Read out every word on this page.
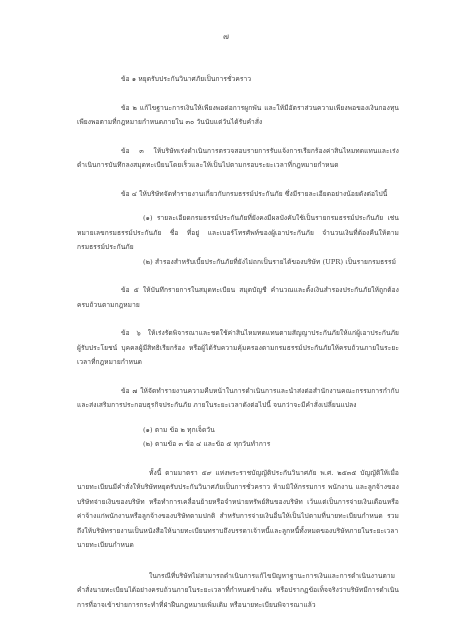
๗

ข้อ ๑ หยุดรับประกันวินาศภัยเป็นการชั่วคราว

ข้อ ๒ แก้ไขฐานะการเงินให้เพียงพอต่อการผูกพัน และให้มีอัตราส่วนความเพียงพอของเงินกองทุนเพียงพอตามที่กฎหมายกำหนดภายใน ๓๐ วันนับแต่วันได้รับคำสั่ง

ข้อ ๓ ให้บริษัทเร่งดำเนินการตรวจสอบรายการรับแจ้งการเรียกร้องค่าสินไหมทดแทนและเร่งดำเนินการบันทึกลงสมุดทะเบียนโดยเร็วและให้เป็นไปตามกรอบระยะเวลาที่กฎหมายกำหนด

ข้อ ๔ ให้บริษัทจัดทำรายงานเกี่ยวกับกรมธรรม์ประกันภัย ซึ่งมีรายละเอียดอย่างน้อยดังต่อไปนี้

(๑) รายละเอียดกรมธรรม์ประกันภัยที่ยังคงมีผลบังคับใช้เป็นรายกรมธรรม์ประกันภัย เช่น หมายเลขกรมธรรม์ประกันภัย ชื่อ ที่อยู่ และเบอร์โทรศัพท์ของผู้เอาประกันภัย จำนวนเงินที่ต้องคืนให้ตามกรมธรรม์ประกันภัย

(๒) สำรองสำหรับเบี้ยประกันภัยที่ยังไม่ถกเป็นรายได้ของบริษัท (UPR) เป็นรายกรมธรรม์

ข้อ ๕ ให้บันทึกรายการในสมุดทะเบียน สมุดบัญชี คำนวณและตั้งเงินสำรองประกันภัยให้ถูกต้อง ครบถ้วนตามกฎหมาย

ข้อ ๖ ให้เร่งรัดพิจารณาและชดใช้ค่าสินไหมทดแทนตามสัญญาประกันภัยให้แก่ผู้เอาประกันภัย ผู้รับประโยชน์ บุคคลผู้มีสิทธิเรียกร้อง หรือผู้ได้รับความคุ้มครองตามกรมธรรม์ประกันภัยให้ครบถ้วนภายในระยะเวลาที่กฎหมายกำหนด

ข้อ ๗ ให้จัดทำรายงานความคืบหน้าในการดำเนินการและนำส่งต่อสำนักงานคณะกรรมการกำกับและส่งเสริมการประกอบธุรกิจประกันภัย ภายในระยะเวลาดังต่อไปนี้ จนกว่าจะมีคำสั่งเปลี่ยนแปลง

(๑) ตาม ข้อ ๒ ทุกเจ็ดวัน

(๒) ตามข้อ ๓ ข้อ ๔ และข้อ ๕ ทุกวันทำการ

ทั้งนี้ ตามมาตรา ๕๙ แห่งพระราชบัญญัติประกันวินาศภัย พ.ศ. ๒๕๓๕ บัญญัติให้เมื่อนายทะเบียนมีคำสั่งให้บริษัทหยุดรับประกันวินาศภัยเป็นการชั่วคราว ห้ามมิให้กรรมการ พนักงาน และลูกจ้างของบริษัทจ่ายเงินของบริษัท หรือทำการเคลื่อนย้ายหรือจำหน่ายทรัพย์สินของบริษัท เว้นแต่เป็นการจ่ายเงินเดือนหรือค่าจ้างแก่พนักงานหรือลูกจ้างของบริษัทตามปกติ สำหรับการจ่ายเงินอื่นให้เป็นไปตามที่นายทะเบียนกำหนด รวมถึงให้บริษัทรายงานเป็นหนังสือให้นายทะเบียนทราบถึงบรรดาเจ้าหนี้และลูกหนี้ทั้งหมดของบริษัทภายในระยะเวลานายทะเบียนกำหนด

ในกรณีที่บริษัทไม่สามารถดำเนินการแก้ไขปัญหาฐานะการเงินและการดำเนินงานตามคำสั่งนายทะเบียนได้อย่างครบถ้วนภายในระยะเวลาที่กำหนดข้างต้น หรือปรากฏข้อเท็จจริงว่าบริษัทมีการดำเนินการที่อาจเข้าข่ายการกระทำที่ฝ่าฝืนกฎหมายเพิ่มเติม หรือนายทะเบียนพิจารณาแล้ว
